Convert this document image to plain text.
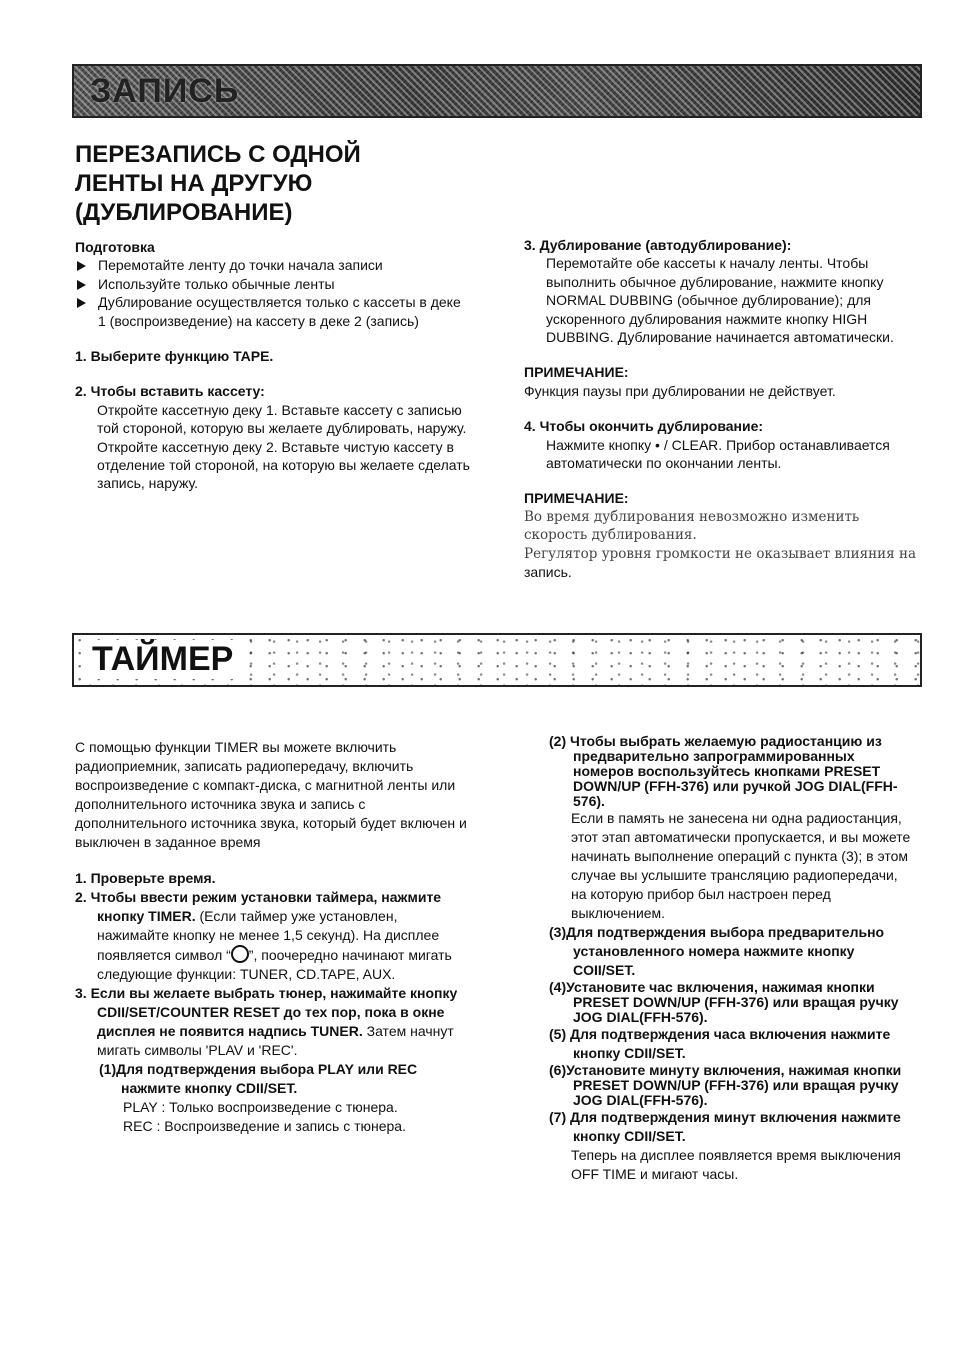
ЗАПИСЬ
ПЕРЕЗАПИСЬ С ОДНОЙ ЛЕНТЫ НА ДРУГУЮ (ДУБЛИРОВАНИЕ)

Подготовка

Перемотайте ленту до точки начала записи

Используйте только обычные ленты

Дублирование осуществляется только с кассеты в деке 1 (воспроизведение) на кассету в деке 2 (запись)

1. Выберите функцию TAPE.

2. Чтобы вставить кассету:

Откройте кассетную деку 1. Вставьте кассету с записью той стороной, которую вы желаете дублировать, наружу. Откройте кассетную деку 2. Вставьте чистую кассету в отделение той стороной, на которую вы желаете сделать запись, наружу.

3. Дублирование (автодублирование):

Перемотайте обе кассеты к началу ленты. Чтобы выполнить обычное дублирование, нажмите кнопку NORMAL DUBBING (обычное дублирование); для ускоренного дублирования нажмите кнопку HIGH DUBBING. Дублирование начинается автоматически.

ПРИМЕЧАНИЕ:

Функция паузы при дублировании не действует.

4. Чтобы окончить дублирование:

Нажмите кнопку • / CLEAR. Прибор останавливается автоматически по окончании ленты.

ПРИМЕЧАНИЕ:

Во время дублирования невозможно изменить скорость дублирования.

Регулятор уровня громкости не оказывает влияния на

запись.

ТАЙМЕР

С помощью функции TIMER вы можете включить радиоприемник, записать радиопередачу, включить воспроизведение с компакт-диска, с магнитной ленты или дополнительного источника звука и запись с дополнительного источника звука, который будет включен и выключен в заданное время

1. Проверьте время.

2. Чтобы ввести режим установки таймера, нажмите кнопку TIMER. (Если таймер уже установлен, нажимайте кнопку не менее 1,5 секунд). На дисплее появляется символ “ ”, поочередно начинают мигать следующие функции: TUNER, CD.TAPE, AUX.

3. Если вы желаете выбрать тюнер, нажимайте кнопку CDII/SET/COUNTER RESET до тех пор, пока в окне дисплея не появится надпись TUNER. Затем начнут мигать символы 'PLAV и 'REC'.

(1)Для подтверждения выбора PLAY или REC нажмите кнопку CDII/SET.

PLAY : Только воспроизведение с тюнера.

REC : Воспроизведение и запись с тюнера.

(2) Чтобы выбрать желаемую радиостанцию из предварительно запрограммированных номеров воспользуйтесь кнопками PRESET DOWN/UP (FFH-376) или ручкой JOG DIAL(FFH-576).

Если в память не занесена ни одна радиостанция, этот этап автоматически пропускается, и вы можете начинать выполнение операций с пункта (3); в этом случае вы услышите трансляцию радиопередачи, на которую прибор был настроен перед выключением.

(3)Для подтверждения выбора предварительно установленного номера нажмите кнопку COII/SET.

(4)Установите час включения, нажимая кнопки PRESET DOWN/UP (FFH-376) или вращая ручку JOG DIAL(FFH-576).

(5) Для подтверждения часа включения нажмите кнопку CDII/SET.

(6)Установите минуту включения, нажимая кнопки PRESET DOWN/UP (FFH-376) или вращая ручку JOG DIAL(FFH-576).

(7) Для подтверждения минут включения нажмите кнопку CDII/SET.

Теперь на дисплее появляется время выключения OFF TIME и мигают часы.
